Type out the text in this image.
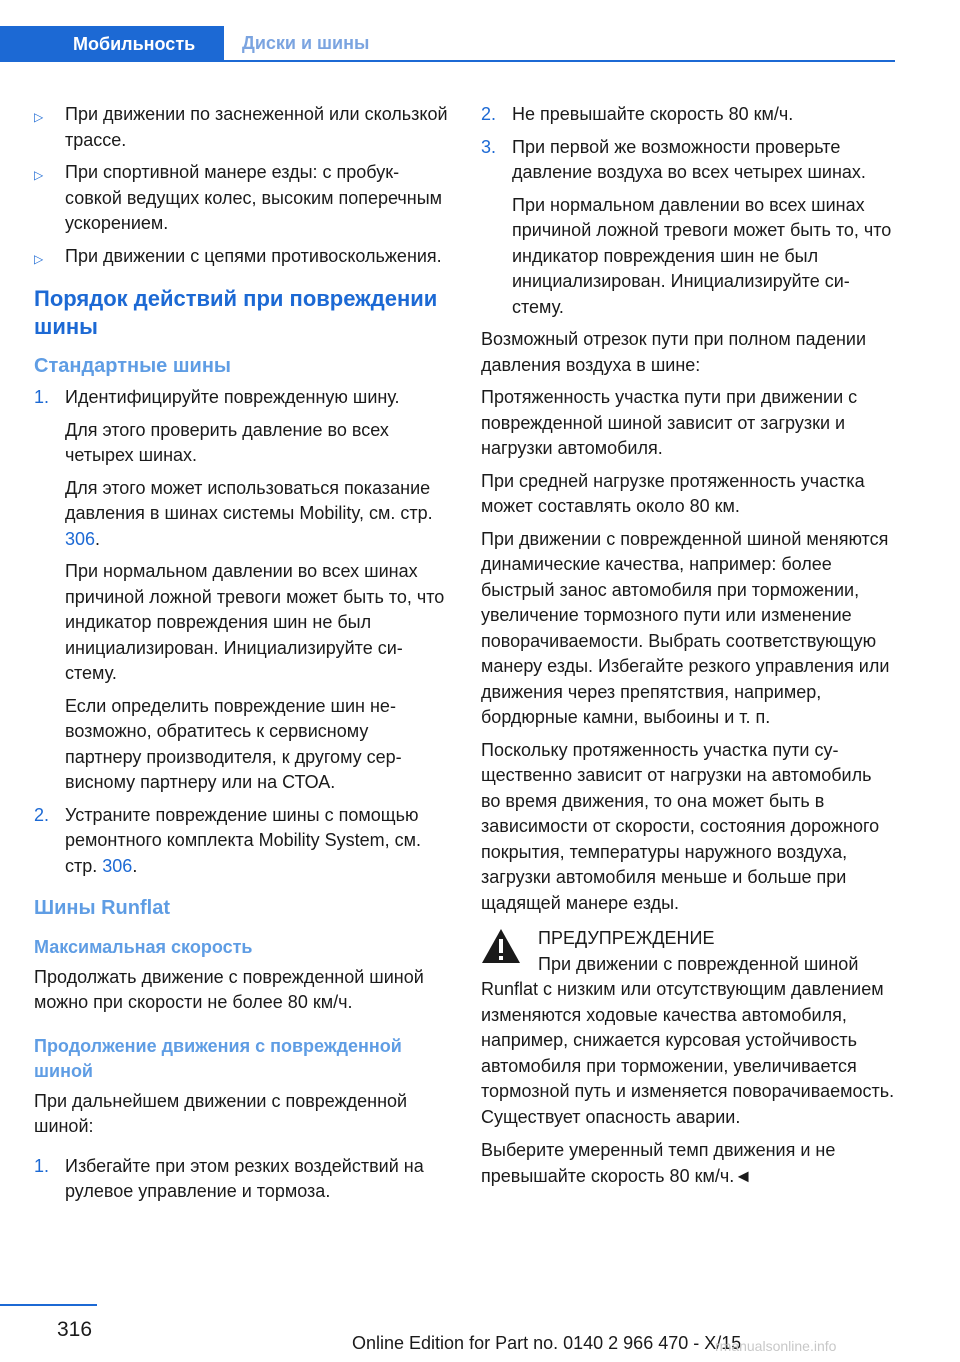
Мобильность	Диски и шины
▷ При движении по заснеженной или скользкой трассе.
▷ При спортивной манере езды: с пробуксовкой ведущих колес, высоким поперечным ускорением.
▷ При движении с цепями противоскольжения.
Порядок действий при повреждении шины
Стандартные шины
1. Идентифицируйте поврежденную шину.
Для этого проверить давление во всех четырех шинах.
Для этого может использоваться показание давления в шинах системы Mobility, см. стр. 306.
При нормальном давлении во всех шинах причиной ложной тревоги может быть то, что индикатор повреждения шин не был инициализирован. Инициализируйте систему.
Если определить повреждение шин невозможно, обратитесь к сервисному партнеру производителя, к другому сервисному партнеру или на СТОА.
2. Устраните повреждение шины с помощью ремонтного комплекта Mobility System, см. стр. 306.
Шины Runflat
Максимальная скорость

Продолжать движение с поврежденной шиной можно при скорости не более 80 км/ч.

Продолжение движения с поврежденной шиной

При дальнейшем движении с поврежденной шиной:

1. Избегайте при этом резких воздействий на рулевое управление и тормоза.
2. Не превышайте скорость 80 км/ч.
3. При первой же возможности проверьте давление воздуха во всех четырех шинах.
При нормальном давлении во всех шинах причиной ложной тревоги может быть то, что индикатор повреждения шин не был инициализирован. Инициализируйте систему.

Возможный отрезок пути при полном падении давления воздуха в шине:

Протяженность участка пути при движении с поврежденной шиной зависит от загрузки и нагрузки автомобиля.

При средней нагрузке протяженность участка может составлять около 80 км.

При движении с поврежденной шиной меняются динамические качества, например: более быстрый занос автомобиля при торможении, увеличение тормозного пути или изменение поворачиваемости. Выбрать соответствующую манеру езды. Избегайте резкого управления или движения через препятствия, например, бордюрные камни, выбоины и т. п.

Поскольку протяженность участка пути существенно зависит от нагрузки на автомобиль во время движения, то она может быть в зависимости от скорости, состояния дорожного покрытия, температуры наружного воздуха, загрузки автомобиля меньше и больше при щадящей манере езды.

ПРЕДУПРЕЖДЕНИЕ
При движении с поврежденной шиной
Runflat с низким или отсутствующим давлением изменяются ходовые качества автомобиля, например, снижается курсовая устойчивость автомобиля при торможении, увеличивается тормозной путь и изменяется поворачиваемость. Существует опасность аварии.

Выберите умеренный темп движения и не превышайте скорость 80 км/ч.◄

316
Online Edition for Part no. 0140 2 966 470 - X/15
rmanualsonline.info
